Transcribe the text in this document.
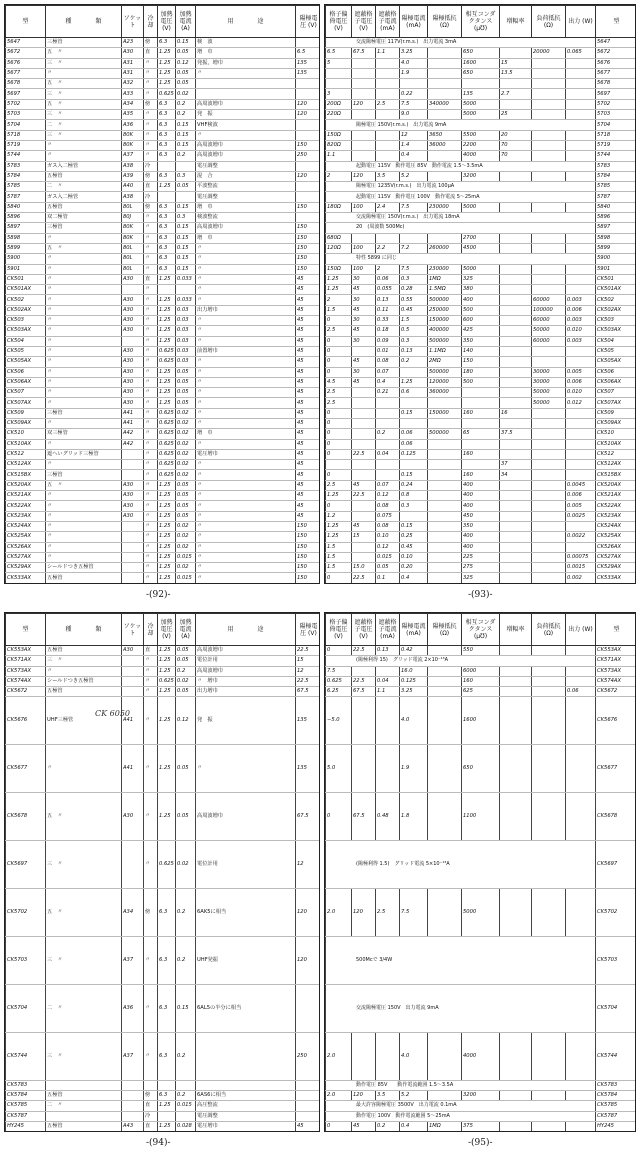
型	種　　　　類	ソケット	冷却	加熱電圧 (V)	加熱電流 (A)	用　　　　途	陽極電圧 (V)
5647	三極管	A23	傍	6.3	0.15	検　波	
5672	五　〃	A30	直	1.25	0.05	増　巾	6.5
5676	三　〃	A31	〃	1.25	0.12	発振，増巾	135
5677	〃	A31	〃	1.25	0.05	〃	135
5678	五　〃	A32	〃	1.25	0.05		
5697	三　〃	A33	〃	0.625	0.02		
5702	五　〃	A34	傍	6.3	0.2	高周波増巾	120
5703	三　〃	A35	〃	6.3	0.2	発　振	120
5704	二　〃	A36	〃	6.3	0.15	VHF検波	
5718	三　〃	80K	〃	6.3	0.15	〃	
5719	〃	80K	〃	6.3	0.15	高周波増巾	150
5744	〃	A37	〃	6.3	0.2	高周波増巾	250
5783	ガス入二極管	A38	冷			電圧調整	
5784	五極管	A39	傍	6.3	0.3	混　合	120
5785	二　〃	A40	直	1.25	0.05	平波整流	
5787	ガス入二極管	A38	冷			電圧調整	
5840	五極管	80L	傍	6.3	0.15	増　巾	150
5896	双二極管	80J	〃	6.3	0.3	検波整流	
5897	三極管	80K	〃	6.3	0.15	高周波増巾	150
5898	〃	80K	〃	6.3	0.15	増　巾	150
5899	五　〃	80L	〃	6.3	0.15	〃	150
5900	〃	80L	〃	6.3	0.15	〃	150
5901	〃	80L	〃	6.3	0.15	〃	150
CK501	〃	A30	直	1.25	0.033	〃	45
CK501AX	〃		〃			〃	45
CK502	〃	A30	〃	1.25	0.033	〃	45
CK502AX	〃	A30	〃	1.25	0.03	出力増巾	45
CK503	〃	A30	〃	1.25	0.03	〃	45
CK503AX	〃	A30	〃	1.25	0.03	〃	45
CK504	〃		〃	1.25	0.03	〃	45
CK505	〃	A30	〃	0.625	0.03	前置増巾	45
CK505AX	〃	A30	〃	0.625	0.03	〃	45
CK506	〃	A30	〃	1.25	0.05	〃	45
CK506AX	〃	A30	〃	1.25	0.05	〃	45
CK507	〃	A30	〃	1.25	0.05	〃	45
CK507AX	〃	A30	〃	1.25	0.05	〃	45
CK509	三極管	A41	〃	0.625	0.02	〃	45
CK509AX	〃	A41	〃	0.625	0.02	〃	45
CK510	双三極管	A42	〃	0.625	0.02	増　巾	45
CK510AX	〃	A42	〃	0.625	0.02	〃	45
CK512	遮へいグリッド三極管		〃	0.625	0.02	電圧増巾	45
CK512AX	〃		〃	0.625	0.02	〃	45
CK515BX	三極管		〃	0.625	0.02	〃	45
CK520AX	五　〃	A30	〃	1.25	0.05	〃	45
CK521AX	〃	A30	〃	1.25	0.05	〃	45
CK522AX	〃	A30	〃	1.25	0.05	〃	45
CK523AX	〃	A30	〃	1.25	0.05	〃	45
CK524AX	〃		〃	1.25	0.02	〃	150
CK525AX	〃		〃	1.25	0.02	〃	150
CK526AX	〃		〃	1.25	0.02	〃	150
CK527AX	〃		〃	1.25	0.015	〃	150
CK529AX	シールドつき五極管		〃	1.25	0.02	〃	150
CK533AX	五極管		〃	1.25	0.015	〃	150

格子偏倚電圧 (V)	遮蔽格子電圧 (V)	遮蔽格子電流 (mA)	陽極電流 (mA)	陽極抵抗 (Ω)	相互コンダクタンス (μ℧)	増幅率	負荷抵抗 (Ω)	出力 (W)	型
交流陽極電圧 117V(r.m.s.)　出力電流 3mA									5647
6.5	67.5	1.1	3.25		650		20000	0.065	5672
5			4.0		1600	15			5676
			1.9		650	13.5			5677
									5678
3			0.22		135	2.7			5697
200Ω	120	2.5	7.5	340000	5000				5702
220Ω			9.0		5000	25			5703
陽極電圧 150V(r.m.s.)　出力電流 9mA									5704
150Ω			12	3650	5500	20			5718
820Ω			1.4	36000	2200	70			5719
1.1			0.4		4000	70			5744
起動電圧 115V　動作電圧 85V　動作電流 1.5～3.5mA									5783
2	120	3.5	5.2		3200				5784
陽極電圧 1235V(r.m.s.)　出力電流 100μA									5785
起動電圧 115V　動作電圧 100V　動作電流 5～25mA									5787
180Ω	100	2.4	7.5	230000	5000				5840
交流陽極電圧 150V(r.m.s.)　出力電流 18mA									5896
20　(周波数 500Mc)									5897
680Ω					2700				5898
120Ω	100	2.2	7.2	260000	4500				5899
特性 5899 に同じ									5900
150Ω	100	2	7.5	230000	5000				5901
1.25	30	0.06	0.3	1MΩ	325				CK501
1.25	45	0.055	0.28	1.5MΩ	380				CK501AX
2	30	0.13	0.55	500000	400		60000	0.003	CK502
1.5	45	0.11	0.45	250000	500		100000	0.006	CK502AX
0	30	0.33	1.5	150000	600		60000	0.003	CK503
2.5	45	0.18	0.5	400000	425		50000	0.010	CK503AX
0	30	0.09	0.3	500000	350		60000	0.003	CK504
0		0.01	0.13	1.1MΩ	140				CK505
0	45	0.08	0.2	2MΩ	150				CK505AX
0	30	0.07		500000	180		30000	0.005	CK506
4.5	45	0.4	1.25	120000	500		30000	0.006	CK506AX
2.5		0.21	0.6	360000			50000	0.010	CK507
2.5							50000	0.012	CK507AX
0			0.15	150000	160	16			CK509
0									CK509AX
0		0.2	0.06	500000	65	37.5			CK510
0			0.06						CK510AX
0	22.5	0.04	0.125		160				CK512
						37			CK512AX
0			0.15		160	34			CK515BX
2.5	45	0.07	0.24		400			0.0045	CK520AX
1.25	22.5	0.12	0.8		400			0.006	CK521AX
0		0.08	0.3		400			0.005	CK522AX
1.2		0.075			450			0.0025	CK523AX
1.25	45	0.08	0.15		350				CK524AX
1.25	15	0.10	0.25		400			0.0022	CK525AX
1.5		0.12	0.45		400				CK526AX
1.5		0.015	0.10		225			0.00075	CK527AX
1.5	15.0	0.05	0.20		275			0.0015	CK529AX
0	22.5	0.1	0.4		325			0.002	CK533AX

型	種　　　　類	ソケット	冷却	加熱電圧 (V)	加熱電流 (A)	用　　　　途	陽極電圧 (V)
CK553AX	五極管	A30	直	1.25	0.05	高周波増巾	22.5
CK571AX	三　〃		〃	1.25	0.05	電位計用	15
CK573AX	〃		〃	1.25	0.2	高周波増巾	12
CK574AX	シールドつき五極管		〃	0.625	0.02	〃　増巾	22.5
CK5672	五極管		〃	1.25	0.05	出力増巾	67.5
CK5676	UHF三極管	A41	〃	1.25	0.12	発　振	135
CK5677	〃	A41	〃	1.25	0.05	〃	135
CK5678	五　〃	A30	〃	1.25	0.05	高周波増巾	67.5
CK5697	三　〃		〃	0.625	0.02	電位計用	12
CK5702	五　〃	A34	傍	6.3	0.2	6AK5に相当	120
CK5703	三　〃	A37	〃	6.3	0.2	UHF発振	120
CK5704	二　〃	A36	〃	6.3	0.15	6AL5の半分に相当	
CK5744	三　〃	A37	〃	6.3	0.2		250
CK5783							
CK5784	五極管		傍	6.3	0.2	6AS6に相当	
CK5785	二　〃		直	1.25	0.015	高圧整流	
CK5787			冷			電圧調整	
HY245	五極管	A43	直	1.25	0.028	電圧増巾	45

CK 6050
格子偏倚電圧 (V)	遮蔽格子電圧 (V)	遮蔽格子電流 (mA)	陽極電流 (mA)	陽極抵抗 (Ω)	相互コンダクタンス (μ℧)	増幅率	負荷抵抗 (Ω)	出力 (W)	型
0	22.5	0.13	0.42		550				CK553AX
(陽極利得 15)　グリッド電流 2×10⁻¹³A									CK571AX
7.5			16.0		6000				CK573AX
0.625	22.5	0.04	0.125		160				CK574AX
6.25	67.5	1.1	3.25		625			0.06	CK5672
−5.0			4.0		1600				CK5676
5.0			1.9		650				CK5677
0	67.5	0.48	1.8		1100				CK5678
(陽極利得 1.5)　グリッド電流 5×10⁻¹³A									CK5697
2.0	120	2.5	7.5		5000				CK5702
500Mcで 3/4W									CK5703
交流陽極電圧 150V　出力電流 9mA									CK5704
2.0			4.0		4000				CK5744
動作電圧 85V　　動作電流範囲 1.5～3.5A									CK5783
2.0	120	3.5	5.2		3200				CK5784
最大許容陽極電圧 3500V　出力電流 0.1mA									CK5785
動作電圧 100V　動作電流範囲 5～25mA									CK5787
0	45	0.2	0.4	1MΩ	375				HY245

-(92)-	-(93)-
-(94)-	-(95)-
